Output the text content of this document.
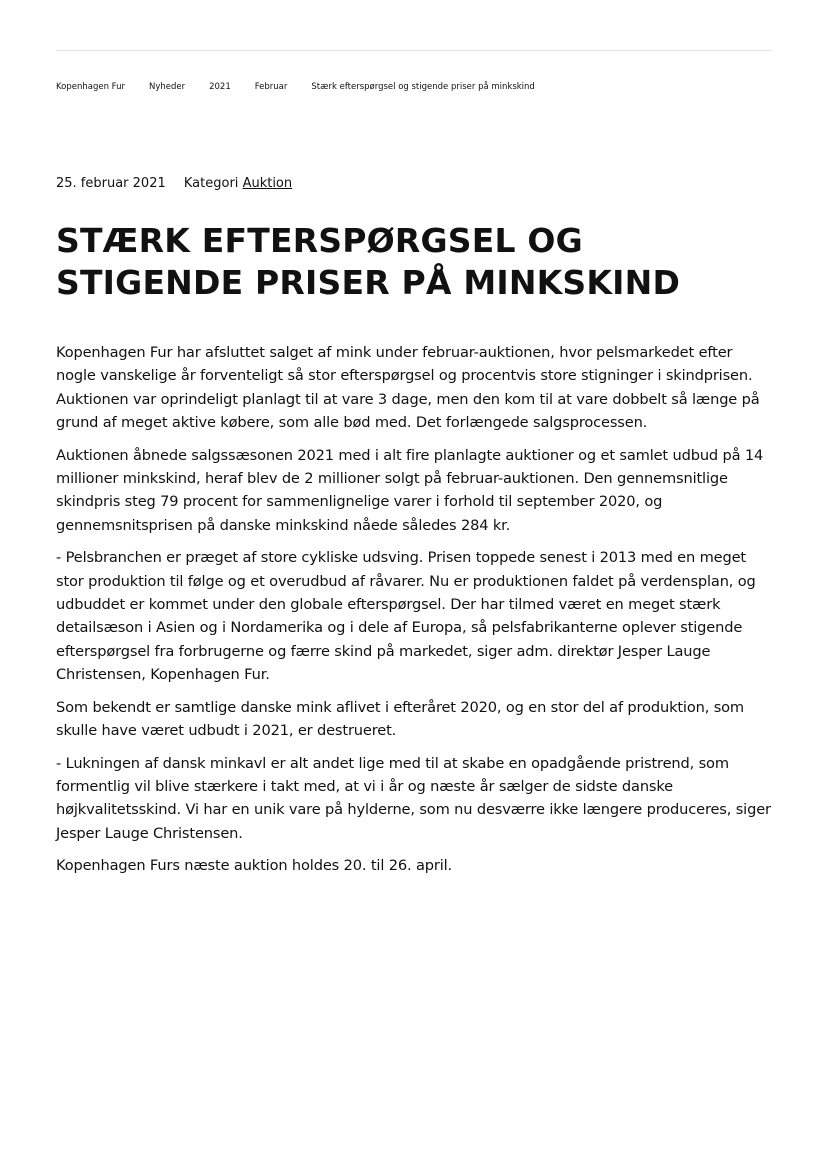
Kopenhagen Fur	Nyheder	2021	Februar	Stærk efterspørgsel og stigende priser på minkskind
25. februar 2021 Kategori Auktion
STÆRK EFTERSPØRGSEL OG STIGENDE PRISER PÅ MINKSKIND

Kopenhagen Fur har afsluttet salget af mink under februar-auktionen, hvor pelsmarkedet efter nogle vanskelige år forventeligt så stor efterspørgsel og procentvis store stigninger i skindprisen. Auktionen var oprindeligt planlagt til at vare 3 dage, men den kom til at vare dobbelt så længe på grund af meget aktive købere, som alle bød med. Det forlængede salgsprocessen.

Auktionen åbnede salgssæsonen 2021 med i alt fire planlagte auktioner og et samlet udbud på 14 millioner minkskind, heraf blev de 2 millioner solgt på februar-auktionen. Den gennemsnitlige skindpris steg 79 procent for sammenlignelige varer i forhold til september 2020, og gennemsnitsprisen på danske minkskind nåede således 284 kr.

- Pelsbranchen er præget af store cykliske udsving. Prisen toppede senest i 2013 med en meget stor produktion til følge og et overudbud af råvarer. Nu er produktionen faldet på verdensplan, og udbuddet er kommet under den globale efterspørgsel. Der har tilmed været en meget stærk detailsæson i Asien og i Nordamerika og i dele af Europa, så pelsfabrikanterne oplever stigende efterspørgsel fra forbrugerne og færre skind på markedet, siger adm. direktør Jesper Lauge Christensen, Kopenhagen Fur.

Som bekendt er samtlige danske mink aflivet i efteråret 2020, og en stor del af produktion, som skulle have været udbudt i 2021, er destrueret.

- Lukningen af dansk minkavl er alt andet lige med til at skabe en opadgående pristrend, som formentlig vil blive stærkere i takt med, at vi i år og næste år sælger de sidste danske højkvalitetsskind. Vi har en unik vare på hylderne, som nu desværre ikke længere produceres, siger Jesper Lauge Christensen.

Kopenhagen Furs næste auktion holdes 20. til 26. april.
